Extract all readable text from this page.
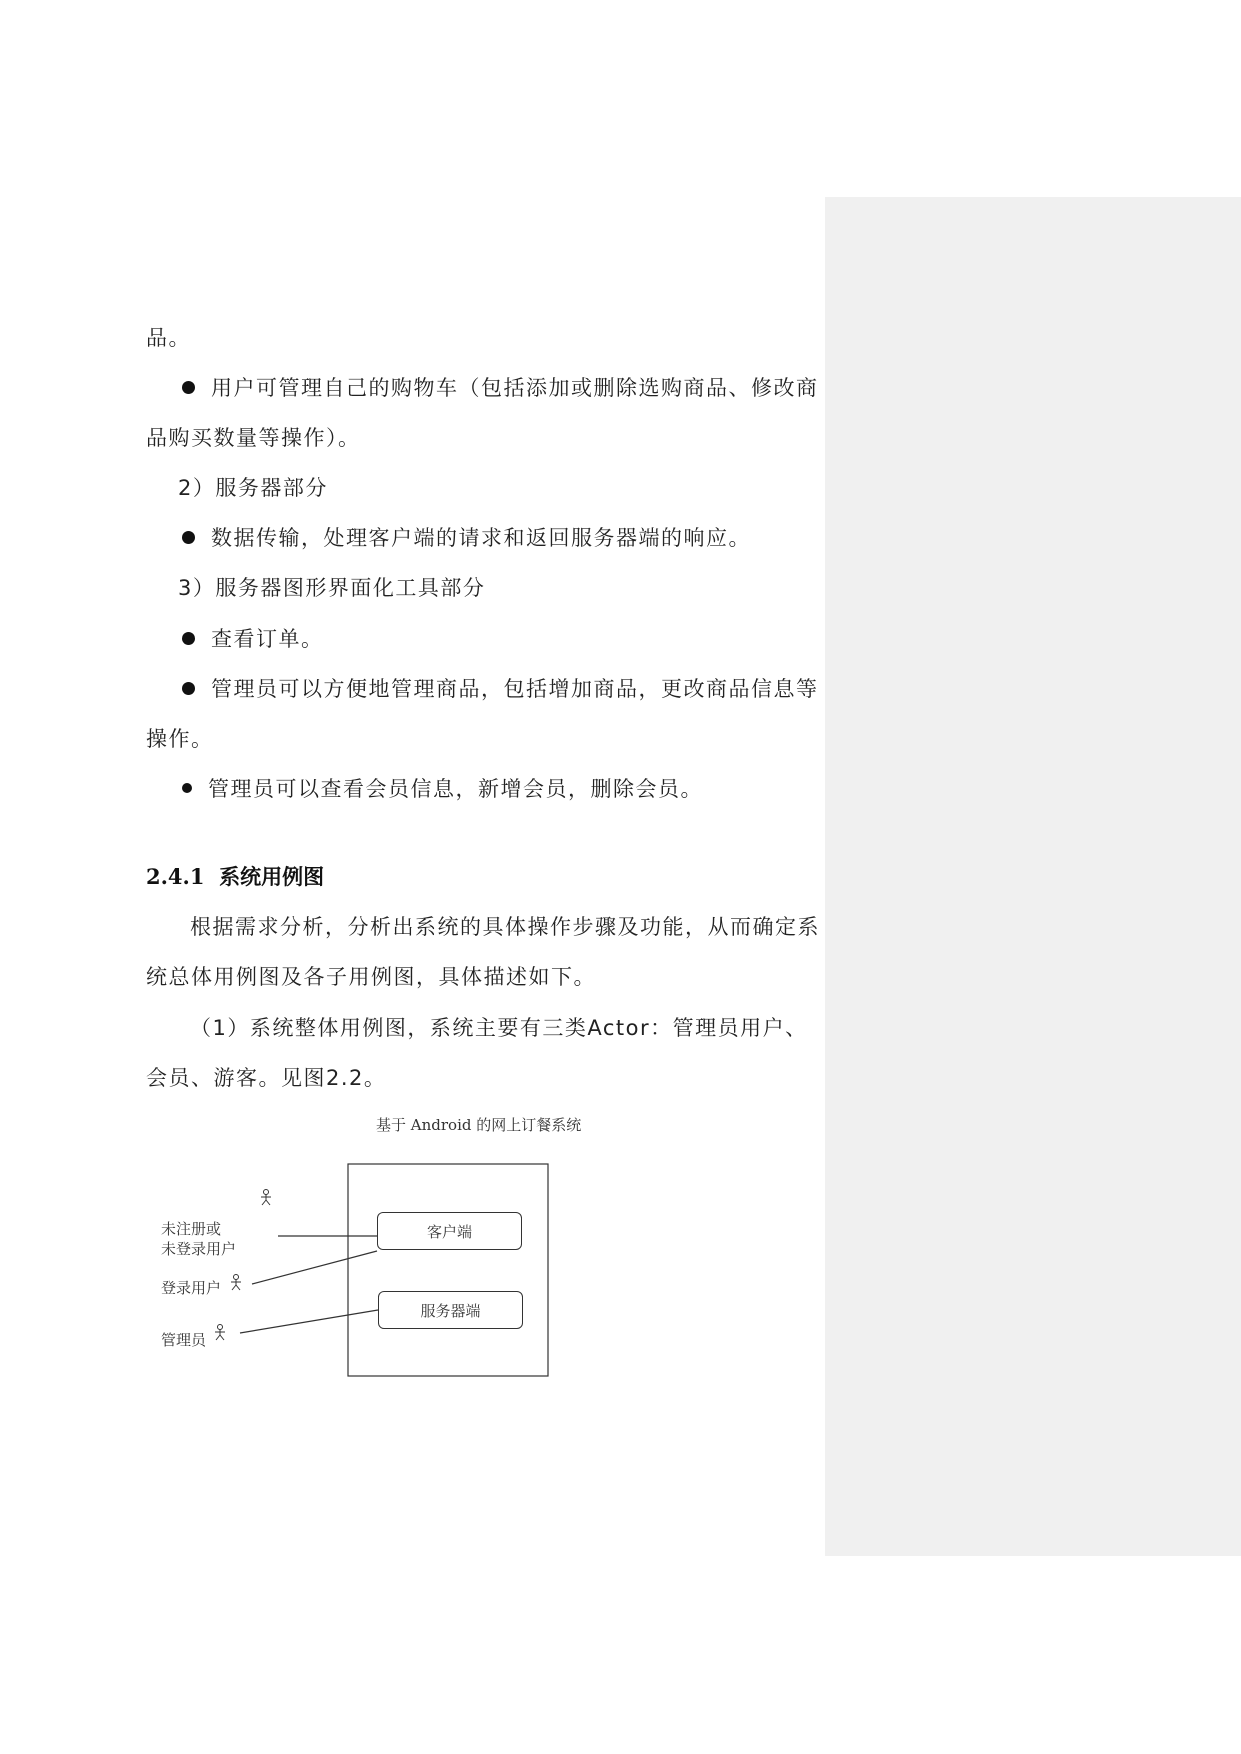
品。
用户可管理自己的购物车（包括添加或删除选购商品、修改商
品购买数量等操作）。
2）服务器部分
数据传输，处理客户端的请求和返回服务器端的响应。
3）服务器图形界面化工具部分
查看订单。
管理员可以方便地管理商品，包括增加商品，更改商品信息等
操作。
管理员可以查看会员信息，新增会员，删除会员。
2.4.1 系统用例图
根据需求分析，分析出系统的具体操作步骤及功能，从而确定系
统总体用例图及各子用例图，具体描述如下。
（1）系统整体用例图，系统主要有三类Actor：管理员用户、
会员、游客。见图2.2。
基于 Android 的网上订餐系统
未注册或
未登录用户
登录用户
管理员
客户端
服务器端
